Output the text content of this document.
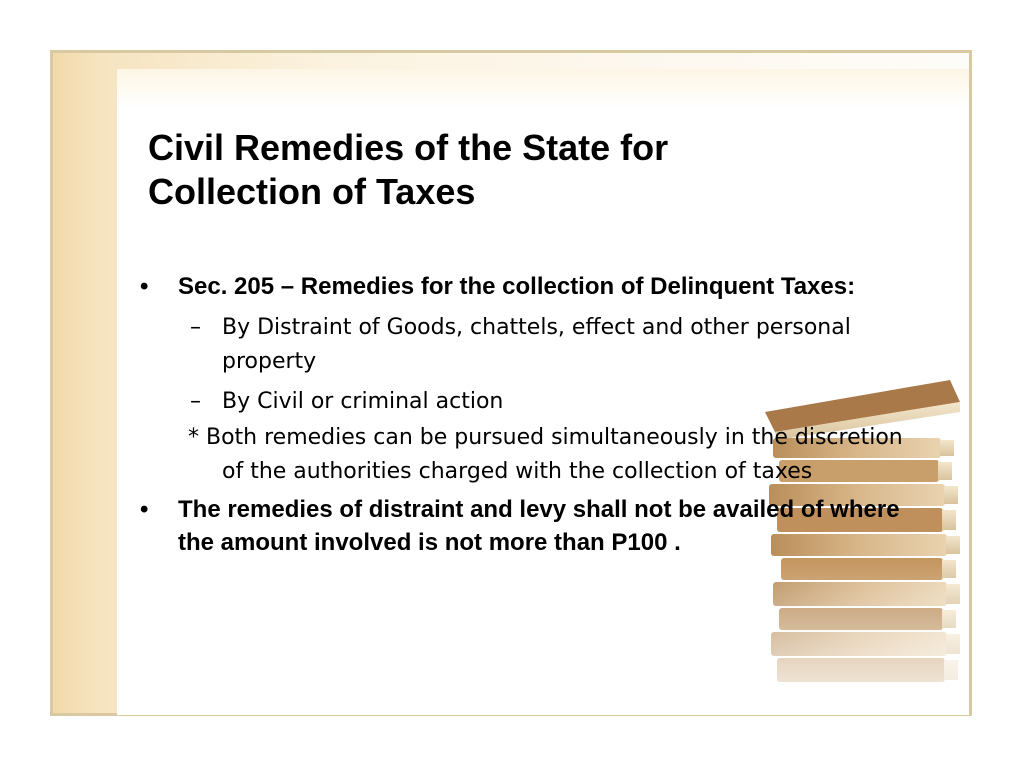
Civil Remedies of the State for
Collection of Taxes
•	Sec. 205 – Remedies for the collection of Delinquent Taxes:
– By Distraint of Goods, chattels, effect and other personal property
– By Civil or criminal action
* Both remedies can be pursued simultaneously in the discretion of the authorities charged with the collection of taxes
•	The remedies of distraint and levy shall not be availed of where the amount involved is not more than P100 .
